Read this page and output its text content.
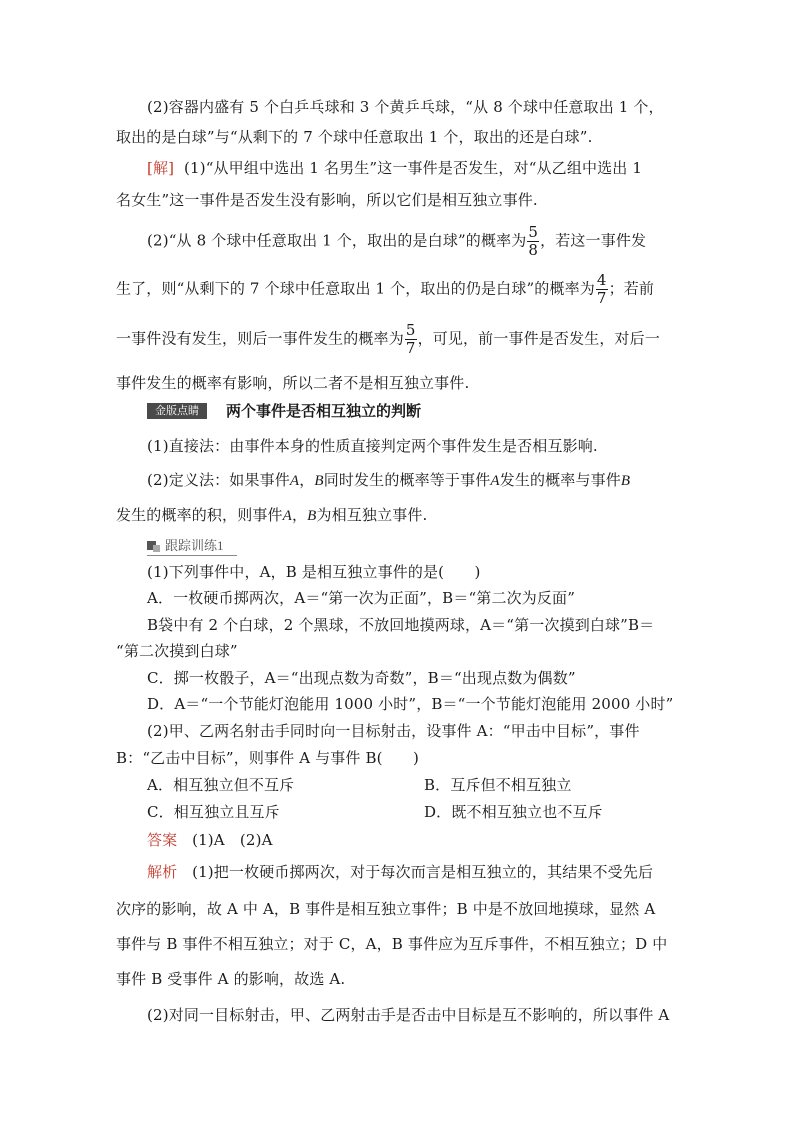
(2)容器内盛有 5 个白乒乓球和 3 个黄乒乓球，“从 8 个球中任意取出 1 个，
取出的是白球”与“从剩下的 7 个球中任意取出 1 个，取出的还是白球”.
[解] (1)“从甲组中选出 1 名男生”这一事件是否发生，对“从乙组中选出 1
名女生”这一事件是否发生没有影响，所以它们是相互独立事件.
(2)“从 8 个球中任意取出 1 个，取出的是白球”的概率为 $\frac{5}{8}$ ，若这一事件发
生了，则“从剩下的 7 个球中任意取出 1 个，取出的仍是白球”的概率为 $\frac{4}{7}$ ；若前
一事件没有发生，则后一事件发生的概率为 $\frac{5}{7}$ ，可见，前一事件是否发生，对后一
事件发生的概率有影响，所以二者不是相互独立事件.
金版点睛	两个事件是否相互独立的判断
(1)直接法：由事件本身的性质直接判定两个事件发生是否相互影响.
(2)定义法：如果事件A，B同时发生的概率等于事件A发生的概率与事件B
发生的概率的积，则事件A，B为相互独立事件.
跟踪训练1
(1)下列事件中，A，B 是相互独立事件的是(　　)
A．一枚硬币掷两次，A＝“第一次为正面”，B＝“第二次为反面”
B袋中有 2 个白球，2 个黑球，不放回地摸两球，A＝“第一次摸到白球”B＝
“第二次摸到白球”
C．掷一枚骰子，A＝“出现点数为奇数”，B＝“出现点数为偶数”
D．A＝“一个节能灯泡能用 1000 小时”，B＝“一个节能灯泡能用 2000 小时”
(2)甲、乙两名射击手同时向一目标射击，设事件 A：“甲击中目标”，事件
B：“乙击中目标”，则事件 A 与事件 B(　　)
A．相互独立但不互斥	B．互斥但不相互独立
C．相互独立且互斥	D．既不相互独立也不互斥
答案 (1)A　(2)A
解析 (1)把一枚硬币掷两次，对于每次而言是相互独立的，其结果不受先后
次序的影响，故 A 中 A，B 事件是相互独立事件；B 中是不放回地摸球，显然 A
事件与 B 事件不相互独立；对于 C，A，B 事件应为互斥事件，不相互独立；D 中
事件 B 受事件 A 的影响，故选 A.
(2)对同一目标射击，甲、乙两射击手是否击中目标是互不影响的，所以事件 A
